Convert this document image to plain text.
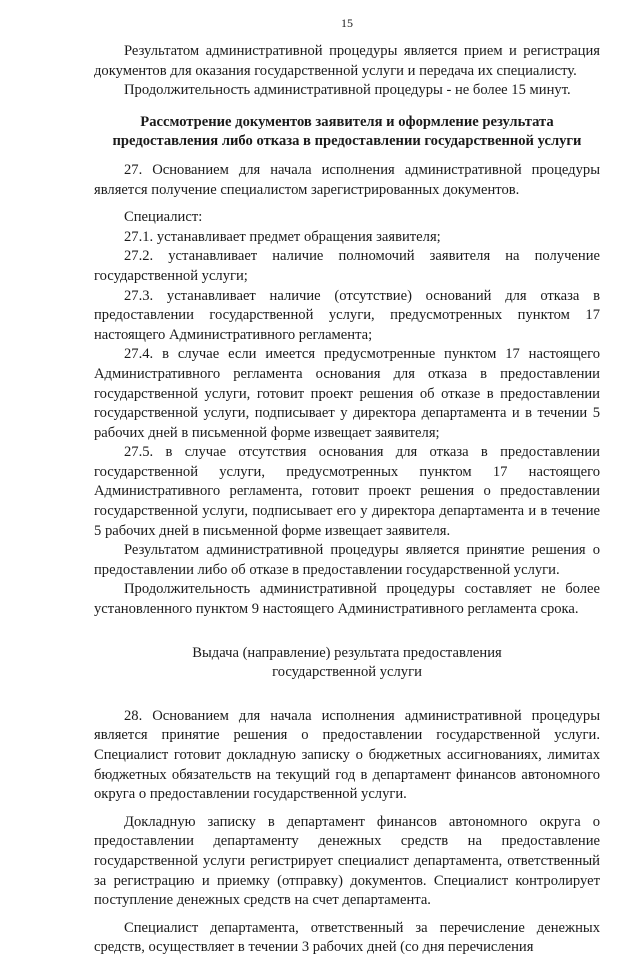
15

Результатом административной процедуры является прием и регистрация документов для оказания государственной услуги и передача их специалисту.

Продолжительность административной процедуры - не более 15 минут.

Рассмотрение документов заявителя и оформление результата
предоставления либо отказа в предоставлении государственной услуги

27. Основанием для начала исполнения административной процедуры является получение специалистом зарегистрированных документов.

Специалист:

27.1. устанавливает предмет обращения заявителя;

27.2. устанавливает наличие полномочий заявителя на получение государственной услуги;

27.3. устанавливает наличие (отсутствие) оснований для отказа в предоставлении государственной услуги, предусмотренных пунктом 17 настоящего Административного регламента;

27.4. в случае если имеется предусмотренные пунктом 17 настоящего Административного регламента основания для отказа в предоставлении государственной услуги, готовит проект решения об отказе в предоставлении государственной услуги, подписывает у директора департамента и в течении 5 рабочих дней в письменной форме извещает заявителя;

27.5. в случае отсутствия основания для отказа в предоставлении государственной услуги, предусмотренных пунктом 17 настоящего Административного регламента, готовит проект решения о предоставлении государственной услуги, подписывает его у директора департамента и в течение 5 рабочих дней в письменной форме извещает заявителя.

Результатом административной процедуры является принятие решения о предоставлении либо об отказе в предоставлении государственной услуги.

Продолжительность административной процедуры составляет не более установленного пунктом 9 настоящего Административного регламента срока.

Выдача (направление) результата предоставления
государственной услуги

28. Основанием для начала исполнения административной процедуры является принятие решения о предоставлении государственной услуги. Специалист готовит докладную записку о бюджетных ассигнованиях, лимитах бюджетных обязательств на текущий год в департамент финансов автономного округа о предоставлении государственной услуги.

Докладную записку в департамент финансов автономного округа о предоставлении департаменту денежных средств на предоставление государственной услуги регистрирует специалист департамента, ответственный за регистрацию и приемку (отправку) документов. Специалист контролирует поступление денежных средств на счет департамента.

Специалист департамента, ответственный за перечисление денежных средств, осуществляет в течении 3 рабочих дней (со дня перечисления
